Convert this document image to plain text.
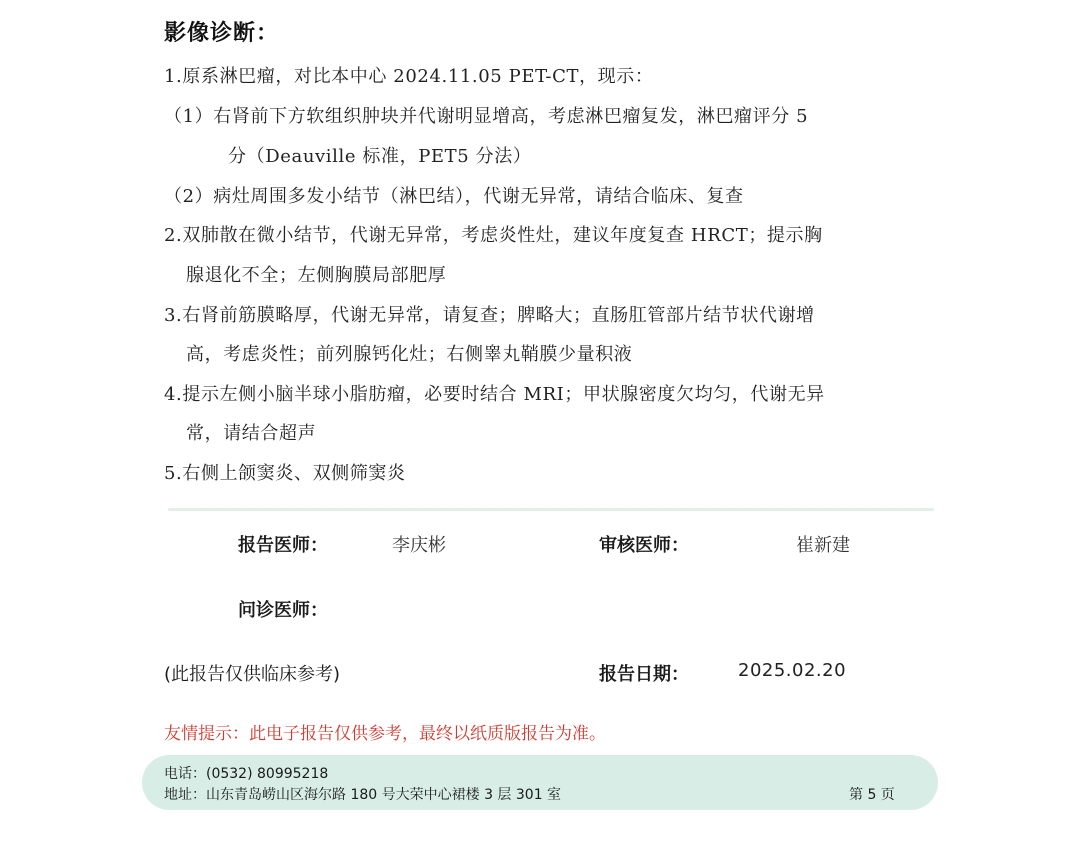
影像诊断：
1.原系淋巴瘤，对比本中心 2024.11.05 PET-CT，现示：
（1）右肾前下方软组织肿块并代谢明显增高，考虑淋巴瘤复发，淋巴瘤评分 5
分（Deauville 标准，PET5 分法）
（2）病灶周围多发小结节（淋巴结），代谢无异常，请结合临床、复查
2.双肺散在微小结节，代谢无异常，考虑炎性灶，建议年度复查 HRCT；提示胸
腺退化不全；左侧胸膜局部肥厚
3.右肾前筋膜略厚，代谢无异常，请复查；脾略大；直肠肛管部片结节状代谢增
高，考虑炎性；前列腺钙化灶；右侧睾丸鞘膜少量积液
4.提示左侧小脑半球小脂肪瘤，必要时结合 MRI；甲状腺密度欠均匀，代谢无异
常，请结合超声
5.右侧上颌窦炎、双侧筛窦炎
报告医师：	李庆彬	审核医师：	崔新建
问诊医师：
(此报告仅供临床参考)	报告日期：	2025.02.20
友情提示：此电子报告仅供参考，最终以纸质版报告为准。
电话：(0532) 80995218
地址：山东青岛崂山区海尔路 180 号大荣中心裙楼 3 层 301 室	第 5 页
